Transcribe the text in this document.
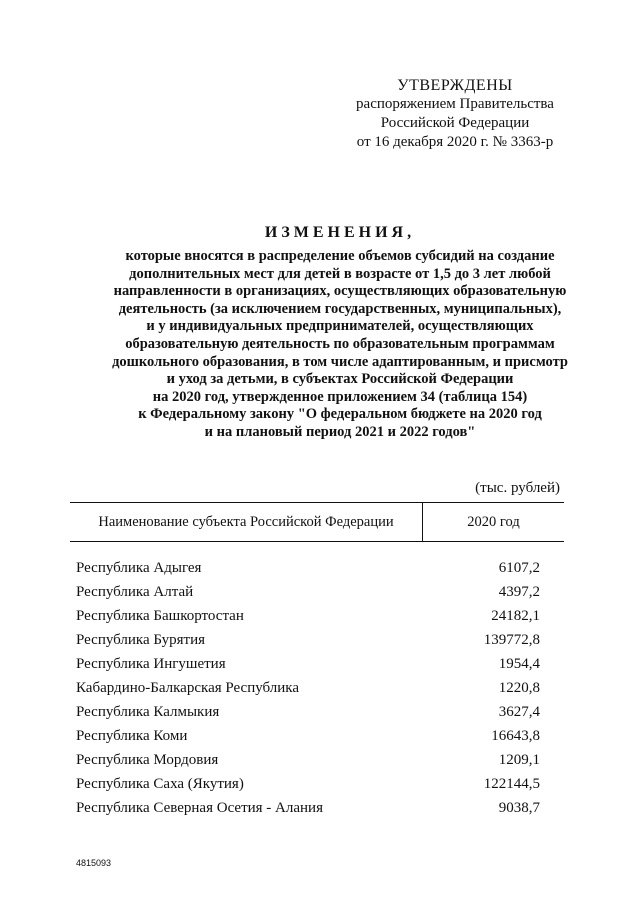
УТВЕРЖДЕНЫ
распоряжением Правительства
Российской Федерации
от 16 декабря 2020 г. № 3363-р
ИЗМЕНЕНИЯ,
которые вносятся в распределение объемов субсидий на создание
дополнительных мест для детей в возрасте от 1,5 до 3 лет любой
направленности в организациях, осуществляющих образовательную
деятельность (за исключением государственных, муниципальных),
и у индивидуальных предпринимателей, осуществляющих
образовательную деятельность по образовательным программам
дошкольного образования, в том числе адаптированным, и присмотр
и уход за детьми, в субъектах Российской Федерации
на 2020 год, утвержденное приложением 34 (таблица 154)
к Федеральному закону "О федеральном бюджете на 2020 год
и на плановый период 2021 и 2022 годов"
(тыс. рублей)
Наименование субъекта Российской Федерации	2020 год
Республика Адыгея	6107,2
Республика Алтай	4397,2
Республика Башкортостан	24182,1
Республика Бурятия	139772,8
Республика Ингушетия	1954,4
Кабардино-Балкарская Республика	1220,8
Республика Калмыкия	3627,4
Республика Коми	16643,8
Республика Мордовия	1209,1
Республика Саха (Якутия)	122144,5
Республика Северная Осетия - Алания	9038,7
4815093
